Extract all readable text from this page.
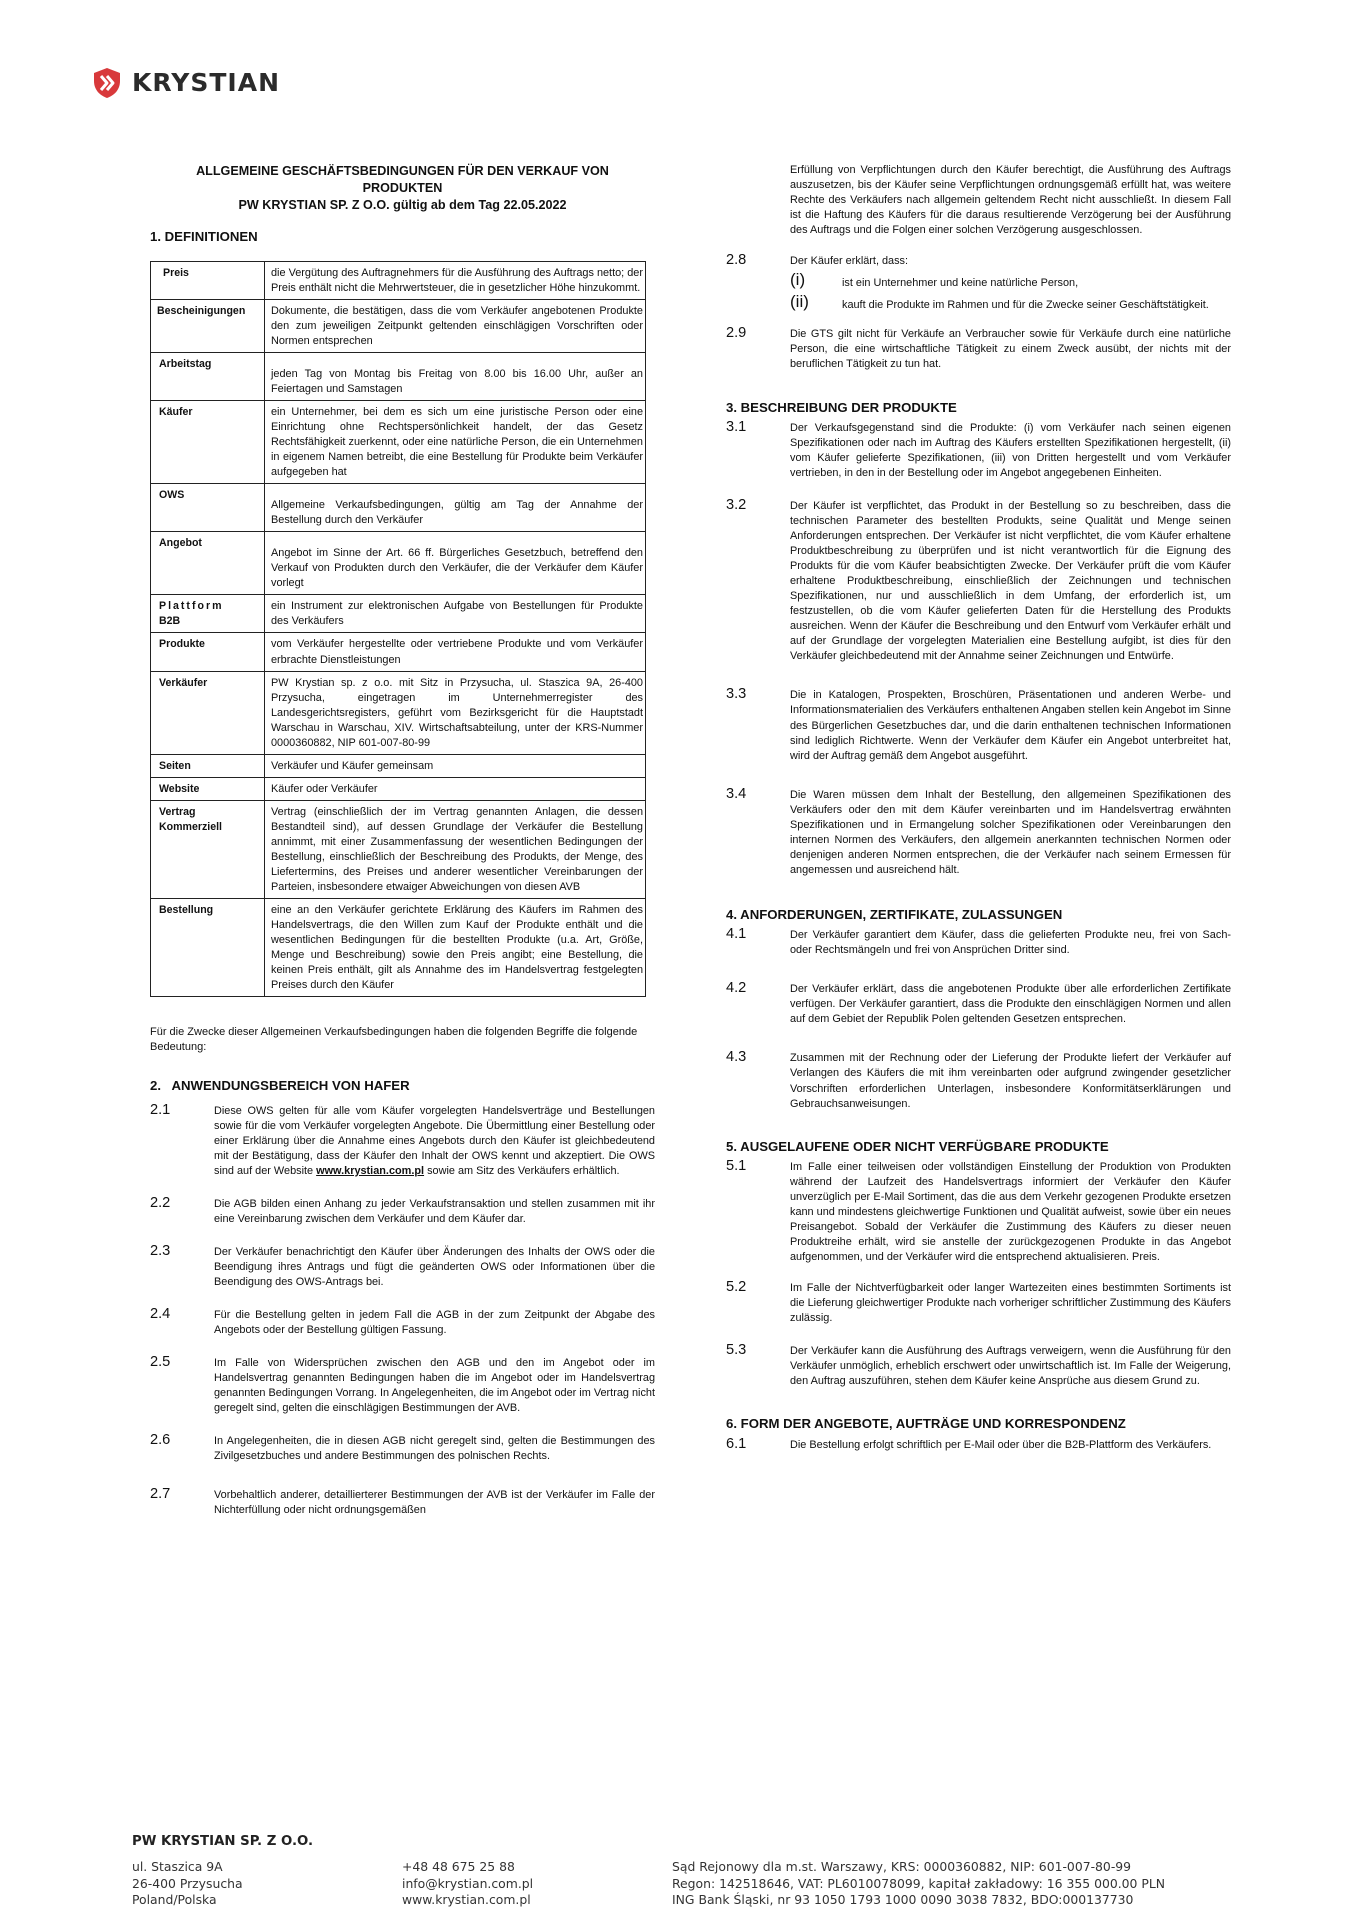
KRYSTIAN
ALLGEMEINE GESCHÄFTSBEDINGUNGEN FÜR DEN VERKAUF VON PRODUKTEN
PW KRYSTIAN SP. Z O.O. gültig ab dem Tag 22.05.2022
1. DEFINITIONEN
Preis	die Vergütung des Auftragnehmers für die Ausführung des Auftrags netto; der Preis enthält nicht die Mehrwertsteuer, die in gesetzlicher Höhe hinzukommt.
Bescheinigungen	Dokumente, die bestätigen, dass die vom Verkäufer angebotenen Produkte den zum jeweiligen Zeitpunkt geltenden einschlägigen Vorschriften oder Normen entsprechen
Arbeitstag	jeden Tag von Montag bis Freitag von 8.00 bis 16.00 Uhr, außer an Feiertagen und Samstagen
Käufer	ein Unternehmer, bei dem es sich um eine juristische Person oder eine Einrichtung ohne Rechtspersönlichkeit handelt, der das Gesetz Rechtsfähigkeit zuerkennt, oder eine natürliche Person, die ein Unternehmen in eigenem Namen betreibt, die eine Bestellung für Produkte beim Verkäufer aufgegeben hat
OWS	Allgemeine Verkaufsbedingungen, gültig am Tag der Annahme der Bestellung durch den Verkäufer
Angebot	Angebot im Sinne der Art. 66 ff. Bürgerliches Gesetzbuch, betreffend den Verkauf von Produkten durch den Verkäufer, die der Verkäufer dem Käufer vorlegt

Plattform
B2B	ein Instrument zur elektronischen Aufgabe von Bestellungen für Produkte des Verkäufers
Produkte	vom Verkäufer hergestellte oder vertriebene Produkte und vom Verkäufer erbrachte Dienstleistungen
Verkäufer	PW Krystian sp. z o.o. mit Sitz in Przysucha, ul. Staszica 9A, 26-400 Przysucha, eingetragen im Unternehmerregister des Landesgerichtsregisters, geführt vom Bezirksgericht für die Hauptstadt Warschau in Warschau, XIV. Wirtschaftsabteilung, unter der KRS-Nummer 0000360882, NIP 601-007-80-99
Seiten	Verkäufer und Käufer gemeinsam
Website	Käufer oder Verkäufer

Vertrag
Kommerziell	Vertrag (einschließlich der im Vertrag genannten Anlagen, die dessen Bestandteil sind), auf dessen Grundlage der Verkäufer die Bestellung annimmt, mit einer Zusammenfassung der wesentlichen Bedingungen der Bestellung, einschließlich der Beschreibung des Produkts, der Menge, des Liefertermins, des Preises und anderer wesentlicher Vereinbarungen der Parteien, insbesondere etwaiger Abweichungen von diesen AVB
Bestellung	eine an den Verkäufer gerichtete Erklärung des Käufers im Rahmen des Handelsvertrags, die den Willen zum Kauf der Produkte enthält und die wesentlichen Bedingungen für die bestellten Produkte (u.a. Art, Größe, Menge und Beschreibung) sowie den Preis angibt; eine Bestellung, die keinen Preis enthält, gilt als Annahme des im Handelsvertrag festgelegten Preises durch den Käufer
Für die Zwecke dieser Allgemeinen Verkaufsbedingungen haben die folgenden Begriffe die folgende Bedeutung:
2.   ANWENDUNGSBEREICH VON HAFER
2.1	Diese OWS gelten für alle vom Käufer vorgelegten Handelsverträge und Bestellungen sowie für die vom Verkäufer vorgelegten Angebote. Die Übermittlung einer Bestellung oder einer Erklärung über die Annahme eines Angebots durch den Käufer ist gleichbedeutend mit der Bestätigung, dass der Käufer den Inhalt der OWS kennt und akzeptiert. Die OWS sind auf der Website www.krystian.com.pl sowie am Sitz des Verkäufers erhältlich.
2.2	Die AGB bilden einen Anhang zu jeder Verkaufstransaktion und stellen zusammen mit ihr eine Vereinbarung zwischen dem Verkäufer und dem Käufer dar.
2.3	Der Verkäufer benachrichtigt den Käufer über Änderungen des Inhalts der OWS oder die Beendigung ihres Antrags und fügt die geänderten OWS oder Informationen über die Beendigung des OWS-Antrags bei.
2.4	Für die Bestellung gelten in jedem Fall die AGB in der zum Zeitpunkt der Abgabe des Angebots oder der Bestellung gültigen Fassung.
2.5	Im Falle von Widersprüchen zwischen den AGB und den im Angebot oder im Handelsvertrag genannten Bedingungen haben die im Angebot oder im Handelsvertrag genannten Bedingungen Vorrang. In Angelegenheiten, die im Angebot oder im Vertrag nicht geregelt sind, gelten die einschlägigen Bestimmungen der AVB.
2.6	In Angelegenheiten, die in diesen AGB nicht geregelt sind, gelten die Bestimmungen des Zivilgesetzbuches und andere Bestimmungen des polnischen Rechts.
2.7	Vorbehaltlich anderer, detaillierterer Bestimmungen der AVB ist der Verkäufer im Falle der Nichterfüllung oder nicht ordnungsgemäßen
Erfüllung von Verpflichtungen durch den Käufer berechtigt, die Ausführung des Auftrags auszusetzen, bis der Käufer seine Verpflichtungen ordnungsgemäß erfüllt hat, was weitere Rechte des Verkäufers nach allgemein geltendem Recht nicht ausschließt. In diesem Fall ist die Haftung des Käufers für die daraus resultierende Verzögerung bei der Ausführung des Auftrags und die Folgen einer solchen Verzögerung ausgeschlossen.
2.8	Der Käufer erklärt, dass:
(i)	ist ein Unternehmer und keine natürliche Person,
(ii)	kauft die Produkte im Rahmen und für die Zwecke seiner Geschäftstätigkeit.
2.9	Die GTS gilt nicht für Verkäufe an Verbraucher sowie für Verkäufe durch eine natürliche Person, die eine wirtschaftliche Tätigkeit zu einem Zweck ausübt, der nichts mit der beruflichen Tätigkeit zu tun hat.
3. BESCHREIBUNG DER PRODUKTE
3.1	Der Verkaufsgegenstand sind die Produkte: (i) vom Verkäufer nach seinen eigenen Spezifikationen oder nach im Auftrag des Käufers erstellten Spezifikationen hergestellt, (ii) vom Käufer gelieferte Spezifikationen, (iii) von Dritten hergestellt und vom Verkäufer vertrieben, in den in der Bestellung oder im Angebot angegebenen Einheiten.
3.2	Der Käufer ist verpflichtet, das Produkt in der Bestellung so zu beschreiben, dass die technischen Parameter des bestellten Produkts, seine Qualität und Menge seinen Anforderungen entsprechen. Der Verkäufer ist nicht verpflichtet, die vom Käufer erhaltene Produktbeschreibung zu überprüfen und ist nicht verantwortlich für die Eignung des Produkts für die vom Käufer beabsichtigten Zwecke. Der Verkäufer prüft die vom Käufer erhaltene Produktbeschreibung, einschließlich der Zeichnungen und technischen Spezifikationen, nur und ausschließlich in dem Umfang, der erforderlich ist, um festzustellen, ob die vom Käufer gelieferten Daten für die Herstellung des Produkts ausreichen. Wenn der Käufer die Beschreibung und den Entwurf vom Verkäufer erhält und auf der Grundlage der vorgelegten Materialien eine Bestellung aufgibt, ist dies für den Verkäufer gleichbedeutend mit der Annahme seiner Zeichnungen und Entwürfe.
3.3	Die in Katalogen, Prospekten, Broschüren, Präsentationen und anderen Werbe- und Informationsmaterialien des Verkäufers enthaltenen Angaben stellen kein Angebot im Sinne des Bürgerlichen Gesetzbuches dar, und die darin enthaltenen technischen Informationen sind lediglich Richtwerte. Wenn der Verkäufer dem Käufer ein Angebot unterbreitet hat, wird der Auftrag gemäß dem Angebot ausgeführt.
3.4	Die Waren müssen dem Inhalt der Bestellung, den allgemeinen Spezifikationen des Verkäufers oder den mit dem Käufer vereinbarten und im Handelsvertrag erwähnten Spezifikationen und in Ermangelung solcher Spezifikationen oder Vereinbarungen den internen Normen des Verkäufers, den allgemein anerkannten technischen Normen oder denjenigen anderen Normen entsprechen, die der Verkäufer nach seinem Ermessen für angemessen und ausreichend hält.
4. ANFORDERUNGEN, ZERTIFIKATE, ZULASSUNGEN
4.1	Der Verkäufer garantiert dem Käufer, dass die gelieferten Produkte neu, frei von Sach- oder Rechtsmängeln und frei von Ansprüchen Dritter sind.
4.2	Der Verkäufer erklärt, dass die angebotenen Produkte über alle erforderlichen Zertifikate verfügen. Der Verkäufer garantiert, dass die Produkte den einschlägigen Normen und allen auf dem Gebiet der Republik Polen geltenden Gesetzen entsprechen.
4.3	Zusammen mit der Rechnung oder der Lieferung der Produkte liefert der Verkäufer auf Verlangen des Käufers die mit ihm vereinbarten oder aufgrund zwingender gesetzlicher Vorschriften erforderlichen Unterlagen, insbesondere Konformitätserklärungen und Gebrauchsanweisungen.
5. AUSGELAUFENE ODER NICHT VERFÜGBARE PRODUKTE
5.1	Im Falle einer teilweisen oder vollständigen Einstellung der Produktion von Produkten während der Laufzeit des Handelsvertrags informiert der Verkäufer den Käufer unverzüglich per E-Mail Sortiment, das die aus dem Verkehr gezogenen Produkte ersetzen kann und mindestens gleichwertige Funktionen und Qualität aufweist, sowie über ein neues Preisangebot. Sobald der Verkäufer die Zustimmung des Käufers zu dieser neuen Produktreihe erhält, wird sie anstelle der zurückgezogenen Produkte in das Angebot aufgenommen, und der Verkäufer wird die entsprechend aktualisieren. Preis.
5.2	Im Falle der Nichtverfügbarkeit oder langer Wartezeiten eines bestimmten Sortiments ist die Lieferung gleichwertiger Produkte nach vorheriger schriftlicher Zustimmung des Käufers zulässig.
5.3	Der Verkäufer kann die Ausführung des Auftrags verweigern, wenn die Ausführung für den Verkäufer unmöglich, erheblich erschwert oder unwirtschaftlich ist. Im Falle der Weigerung, den Auftrag auszuführen, stehen dem Käufer keine Ansprüche aus diesem Grund zu.
6. FORM DER ANGEBOTE, AUFTRÄGE UND KORRESPONDENZ
6.1	Die Bestellung erfolgt schriftlich per E-Mail oder über die B2B-Plattform des Verkäufers.
PW KRYSTIAN SP. Z O.O.
ul. Staszica 9A
26-400 Przysucha
Poland/Polska
+48 48 675 25 88
info@krystian.com.pl
www.krystian.com.pl
Sąd Rejonowy dla m.st. Warszawy, KRS: 0000360882, NIP: 601-007-80-99
Regon: 142518646, VAT: PL6010078099, kapitał zakładowy: 16 355 000.00 PLN
ING Bank Śląski, nr 93 1050 1793 1000 0090 3038 7832, BDO:000137730
